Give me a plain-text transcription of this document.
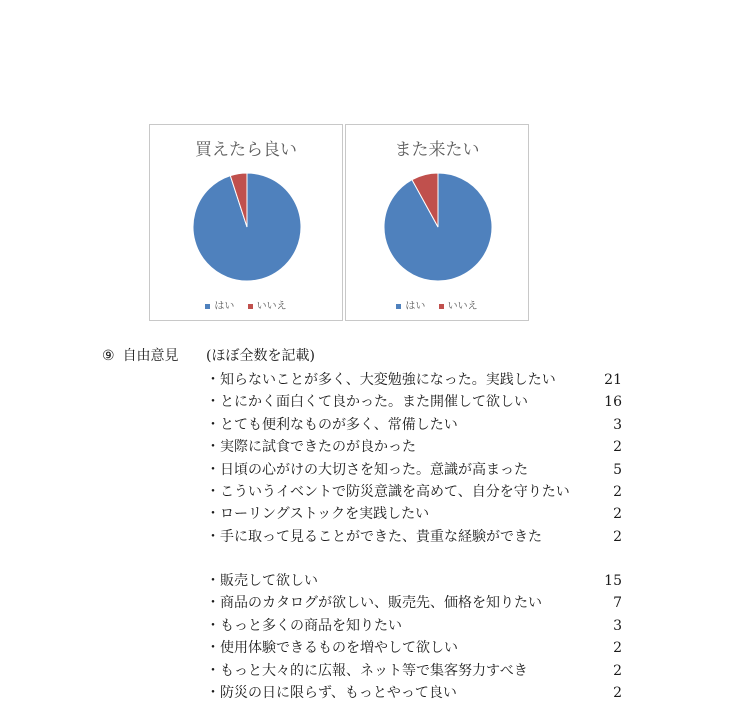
買えたら良い
はい いいえ
また来たい
はい いいえ
⑨ 自由意見 (ほぼ全数を記載)
・知らないことが多く、大変勉強になった。実践したい	21
・とにかく面白くて良かった。また開催して欲しい	16
・とても便利なものが多く、常備したい	3
・実際に試食できたのが良かった	2
・日頃の心がけの大切さを知った。意識が高まった	5
・こういうイベントで防災意識を高めて、自分を守りたい	2
・ローリングストックを実践したい	2
・手に取って見ることができた、貴重な経験ができた	2
・販売して欲しい	15
・商品のカタログが欲しい、販売先、価格を知りたい	7
・もっと多くの商品を知りたい	3
・使用体験できるものを増やして欲しい	2
・もっと大々的に広報、ネット等で集客努力すべき	2
・防災の日に限らず、もっとやって良い	2
